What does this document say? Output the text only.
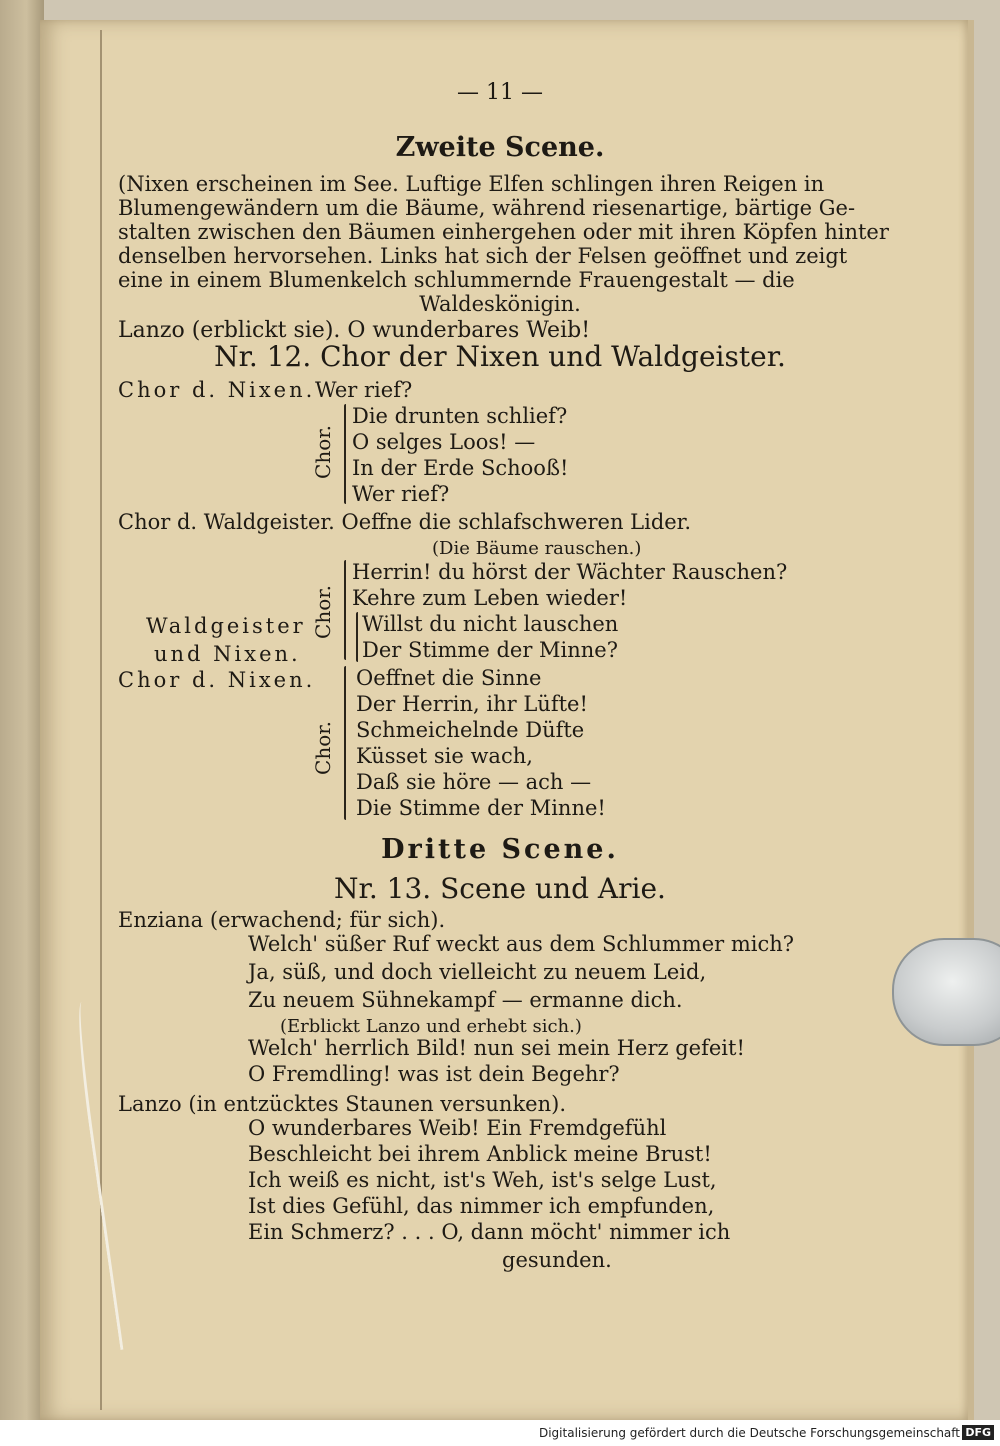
— 11 —
Zweite Scene.
(Nixen erscheinen im See. Luftige Elfen schlingen ihren Reigen in
Blumengewändern um die Bäume, während riesenartige, bärtige Ge-
stalten zwischen den Bäumen einhergehen oder mit ihren Köpfen hinter
denselben hervorsehen. Links hat sich der Felsen geöffnet und zeigt
eine in einem Blumenkelch schlummernde Frauengestalt — die
Waldeskönigin.
Lanzo (erblickt sie). O wunderbares Weib!
Nr. 12. Chor der Nixen und Waldgeister.
Chor d. Nixen. Wer rief?
Chor.
Die drunten schlief?
O selges Loos! —
In der Erde Schooß!
Wer rief?
Chor d. Waldgeister. Oeffne die schlafschweren Lider.
(Die Bäume rauschen.)
Chor.
Herrin! du hörst der Wächter Rauschen?
Kehre zum Leben wieder!
Waldgeister
und Nixen.
Willst du nicht lauschen
Der Stimme der Minne?
Chor d. Nixen.
Chor.
Oeffnet die Sinne
Der Herrin, ihr Lüfte!
Schmeichelnde Düfte
Küsset sie wach,
Daß sie höre — ach —
Die Stimme der Minne!
Dritte Scene.
Nr. 13. Scene und Arie.
Enziana (erwachend; für sich).
Welch' süßer Ruf weckt aus dem Schlummer mich?
Ja, süß, und doch vielleicht zu neuem Leid,
Zu neuem Sühnekampf — ermanne dich.
(Erblickt Lanzo und erhebt sich.)
Welch' herrlich Bild! nun sei mein Herz gefeit!
O Fremdling! was ist dein Begehr?
Lanzo (in entzücktes Staunen versunken).
O wunderbares Weib! Ein Fremdgefühl
Beschleicht bei ihrem Anblick meine Brust!
Ich weiß es nicht, ist's Weh, ist's selge Lust,
Ist dies Gefühl, das nimmer ich empfunden,
Ein Schmerz? . . . O, dann möcht' nimmer ich
gesunden.
Digitalisierung gefördert durch die Deutsche Forschungsgemeinschaft DFG
